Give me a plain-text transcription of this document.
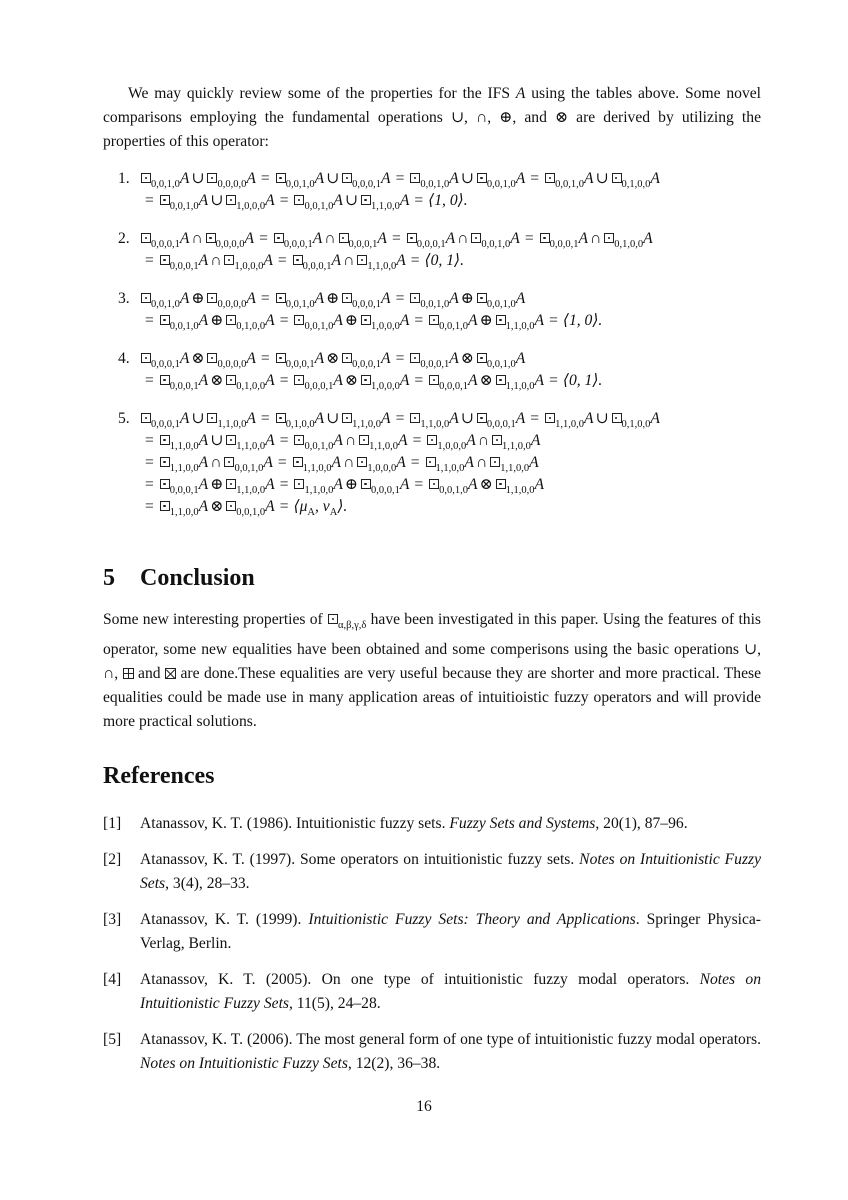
We may quickly review some of the properties for the IFS A using the tables above. Some novel comparisons employing the fundamental operations ∪, ∩, ⊕, and ⊗ are derived by utilizing the properties of this operator:

1. $_{0,0,1,0}$A ∪ $_{0,0,0,0}$A = $_{0,0,1,0}$A ∪ $_{0,0,0,1}$A = $_{0,0,1,0}$A ∪ $_{0,0,1,0}$A = $_{0,0,1,0}$A ∪ $_{0,1,0,0}$A
= $_{0,0,1,0}$A ∪ $_{1,0,0,0}$A = $_{0,0,1,0}$A ∪ $_{1,1,0,0}$A = ⟨1, 0⟩.
2. $_{0,0,0,1}$A ∩ $_{0,0,0,0}$A = $_{0,0,0,1}$A ∩ $_{0,0,0,1}$A = $_{0,0,0,1}$A ∩ $_{0,0,1,0}$A = $_{0,0,0,1}$A ∩ $_{0,1,0,0}$A
= $_{0,0,0,1}$A ∩ $_{1,0,0,0}$A = $_{0,0,0,1}$A ∩ $_{1,1,0,0}$A = ⟨0, 1⟩.
3. $_{0,0,1,0}$A ⊕ $_{0,0,0,0}$A = $_{0,0,1,0}$A ⊕ $_{0,0,0,1}$A = $_{0,0,1,0}$A ⊕ $_{0,0,1,0}$A
= $_{0,0,1,0}$A ⊕ $_{0,1,0,0}$A = $_{0,0,1,0}$A ⊕ $_{1,0,0,0}$A = $_{0,0,1,0}$A ⊕ $_{1,1,0,0}$A = ⟨1, 0⟩.
4. $_{0,0,0,1}$A ⊗ $_{0,0,0,0}$A = $_{0,0,0,1}$A ⊗ $_{0,0,0,1}$A = $_{0,0,0,1}$A ⊗ $_{0,0,1,0}$A
= $_{0,0,0,1}$A ⊗ $_{0,1,0,0}$A = $_{0,0,0,1}$A ⊗ $_{1,0,0,0}$A = $_{0,0,0,1}$A ⊗ $_{1,1,0,0}$A = ⟨0, 1⟩.
5. $_{0,0,0,1}$A ∪ $_{1,1,0,0}$A = $_{0,1,0,0}$A ∪ $_{1,1,0,0}$A = $_{1,1,0,0}$A ∪ $_{0,0,0,1}$A = $_{1,1,0,0}$A ∪ $_{0,1,0,0}$A
= $_{1,1,0,0}$A ∪ $_{1,1,0,0}$A = $_{0,0,1,0}$A ∩ $_{1,1,0,0}$A = $_{1,0,0,0}$A ∩ $_{1,1,0,0}$A
= $_{1,1,0,0}$A ∩ $_{0,0,1,0}$A = $_{1,1,0,0}$A ∩ $_{1,0,0,0}$A = $_{1,1,0,0}$A ∩ $_{1,1,0,0}$A
= $_{0,0,0,1}$A ⊕ $_{1,1,0,0}$A = $_{1,1,0,0}$A ⊕ $_{0,0,0,1}$A = $_{0,0,1,0}$A ⊗ $_{1,1,0,0}$A
= $_{1,1,0,0}$A ⊗ $_{0,0,1,0}A = ⟨\mu_A$, $\nu_A⟩$.
5 Conclusion

Some new interesting properties of $_{\alpha,\beta,\gamma,\delta}$ have been investigated in this paper. Using the features of this operator, some new equalities have been obtained and some comperisons using the basic operations ∪, ∩,  and  are done.These equalities are very useful because they are shorter and more practical. These equalities could be made use in many application areas of intuitioistic fuzzy operators and will provide more practical solutions.

References
[1] Atanassov, K. T. (1986). Intuitionistic fuzzy sets. Fuzzy Sets and Systems, 20(1), 87–96.
[2] Atanassov, K. T. (1997). Some operators on intuitionistic fuzzy sets. Notes on Intuitionistic Fuzzy Sets, 3(4), 28–33.
[3] Atanassov, K. T. (1999). Intuitionistic Fuzzy Sets: Theory and Applications. Springer Physica-Verlag, Berlin.
[4] Atanassov, K. T. (2005). On one type of intuitionistic fuzzy modal operators. Notes on Intuitionistic Fuzzy Sets, 11(5), 24–28.
[5] Atanassov, K. T. (2006). The most general form of one type of intuitionistic fuzzy modal operators. Notes on Intuitionistic Fuzzy Sets, 12(2), 36–38.
16
